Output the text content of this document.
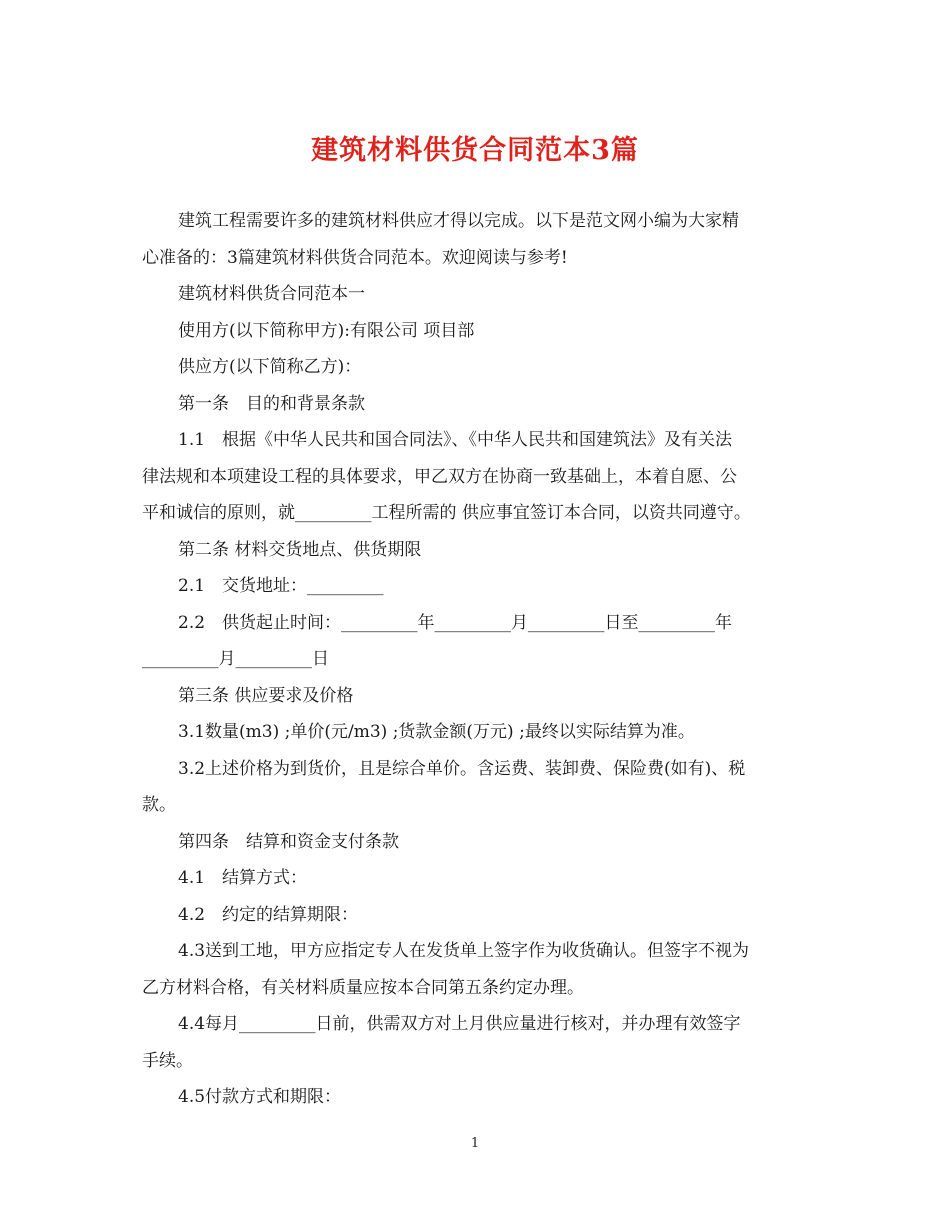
建筑材料供货合同范本3篇
建筑工程需要许多的建筑材料供应才得以完成。以下是范文网小编为大家精
心准备的：3篇建筑材料供货合同范本。欢迎阅读与参考!
建筑材料供货合同范本一
使用方(以下简称甲方):有限公司 项目部
供应方(以下简称乙方)：
第一条　目的和背景条款
1.1　根据《中华人民共和国合同法》、《中华人民共和国建筑法》及有关法
律法规和本项建设工程的具体要求，甲乙双方在协商一致基础上，本着自愿、公
平和诚信的原则，就_________工程所需的 供应事宜签订本合同，以资共同遵守。
第二条 材料交货地点、供货期限
2.1　交货地址：_________
2.2　供货起止时间：_________年_________月_________日至_________年
_________月_________日
第三条 供应要求及价格
3.1数量(m3) ;单价(元/m3) ;货款金额(万元) ;最终以实际结算为准。
3.2上述价格为到货价，且是综合单价。含运费、装卸费、保险费(如有)、税
款。
第四条　结算和资金支付条款
4.1　结算方式：
4.2　约定的结算期限：
4.3送到工地，甲方应指定专人在发货单上签字作为收货确认。但签字不视为
乙方材料合格，有关材料质量应按本合同第五条约定办理。
4.4每月_________日前，供需双方对上月供应量进行核对，并办理有效签字
手续。
4.5付款方式和期限：
1
